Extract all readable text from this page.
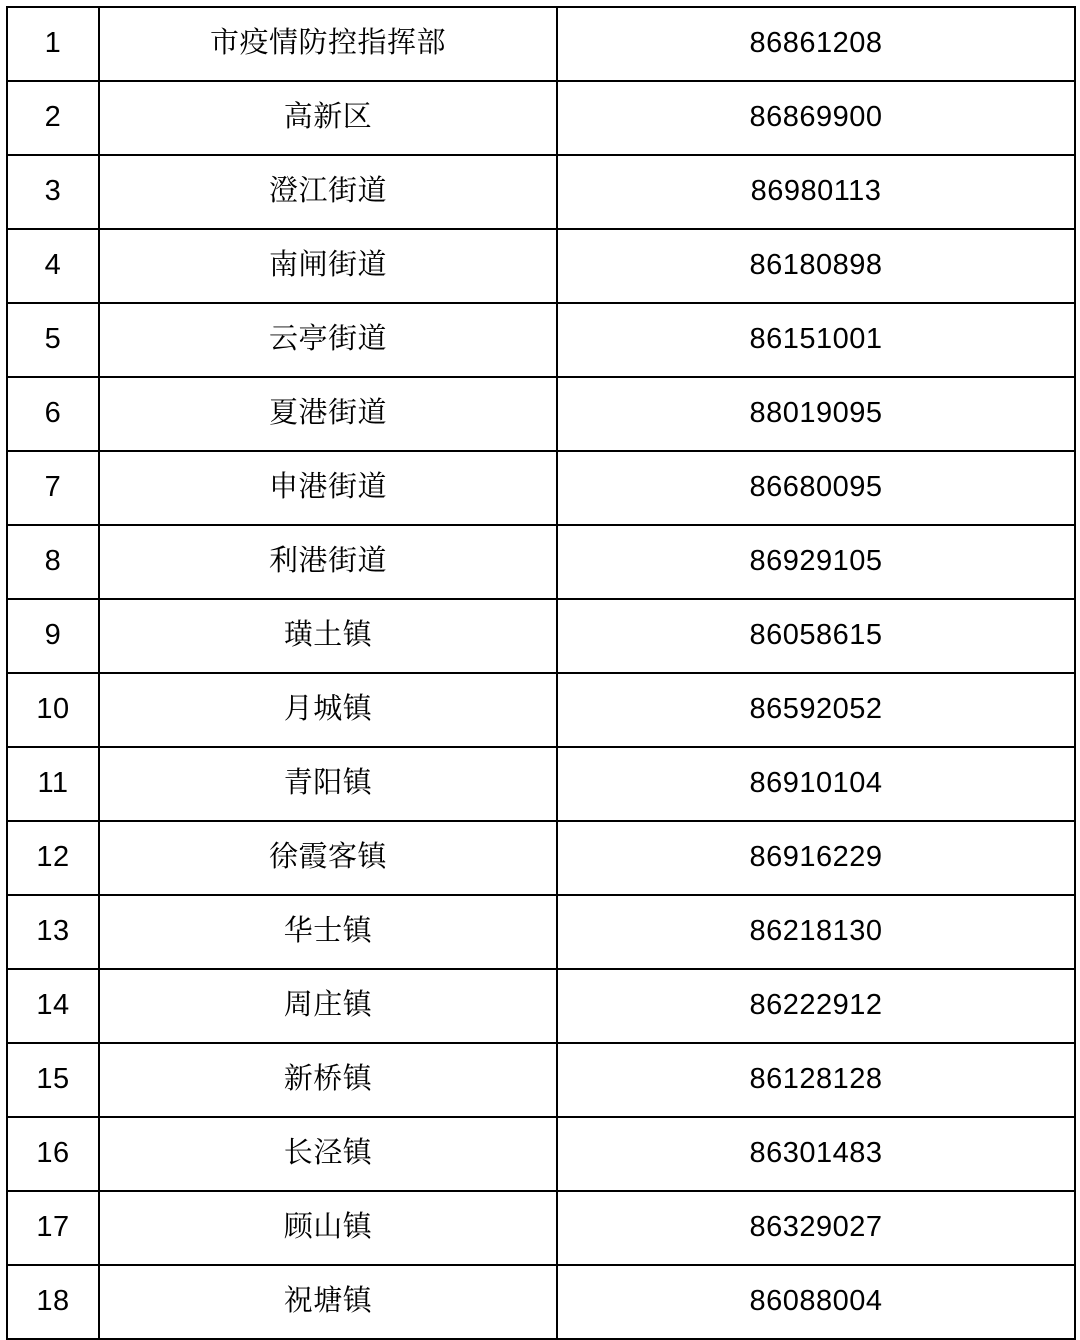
1	市疫情防控指挥部	86861208
2	高新区	86869900
3	澄江街道	86980113
4	南闸街道	86180898
5	云亭街道	86151001
6	夏港街道	88019095
7	申港街道	86680095
8	利港街道	86929105
9	璜土镇	86058615
10	月城镇	86592052
11	青阳镇	86910104
12	徐霞客镇	86916229
13	华士镇	86218130
14	周庄镇	86222912
15	新桥镇	86128128
16	长泾镇	86301483
17	顾山镇	86329027
18	祝塘镇	86088004
